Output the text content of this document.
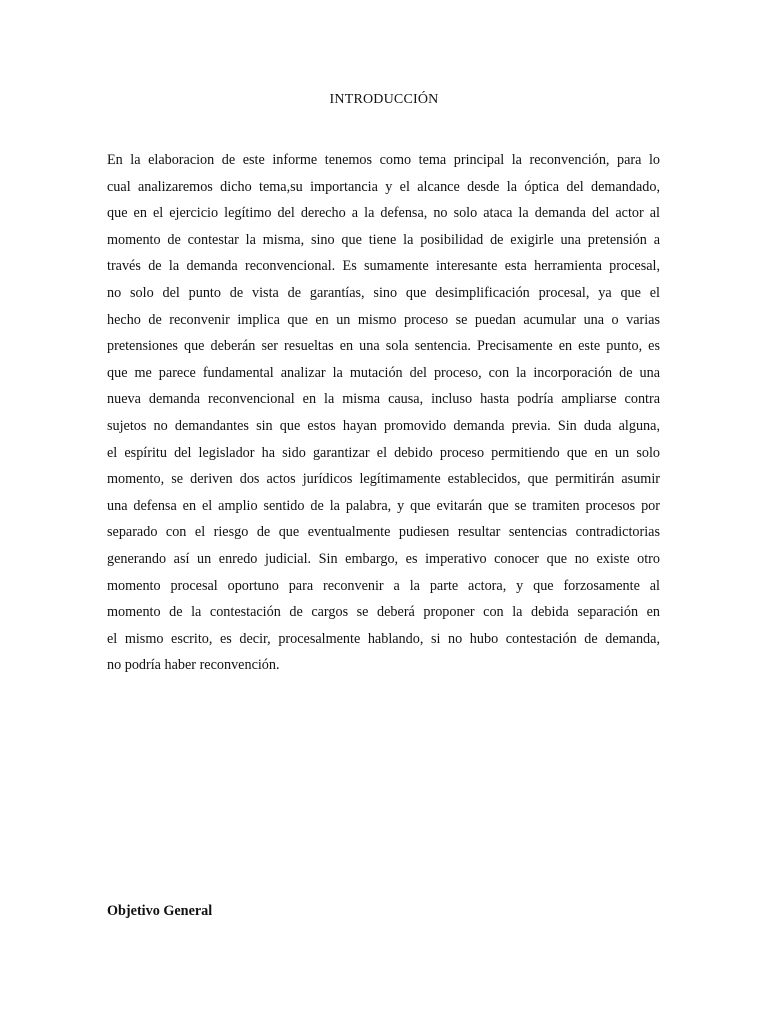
INTRODUCCIÓN
En la elaboracion de este informe tenemos como tema principal la reconvención, para lo
cual analizaremos dicho tema,su importancia y el alcance desde la óptica del demandado,
que en el ejercicio legítimo del derecho a la defensa, no solo ataca la demanda del actor al
momento de contestar la misma, sino que tiene la posibilidad de exigirle una pretensión a
través de la demanda reconvencional. Es sumamente interesante esta herramienta procesal,
no solo del punto de vista de garantías, sino que desimplificación procesal, ya que el
hecho de reconvenir implica que en un mismo proceso se puedan acumular una o varias
pretensiones que deberán ser resueltas en una sola sentencia. Precisamente en este punto, es
que me parece fundamental analizar la mutación del proceso, con la incorporación de una
nueva demanda reconvencional en la misma causa, incluso hasta podría ampliarse contra
sujetos no demandantes sin que estos hayan promovido demanda previa. Sin duda alguna,
el espíritu del legislador ha sido garantizar el debido proceso permitiendo que en un solo
momento, se deriven dos actos jurídicos legítimamente establecidos, que permitirán asumir
una defensa en el amplio sentido de la palabra, y que evitarán que se tramiten procesos por
separado con el riesgo de que eventualmente pudiesen resultar sentencias contradictorias
generando así un enredo judicial. Sin embargo, es imperativo conocer que no existe otro
momento procesal oportuno para reconvenir a la parte actora, y que forzosamente al
momento de la contestación de cargos se deberá proponer con la debida separación en
el mismo escrito, es decir, procesalmente hablando, si no hubo contestación de demanda,
no podría haber reconvención.
Objetivo General
